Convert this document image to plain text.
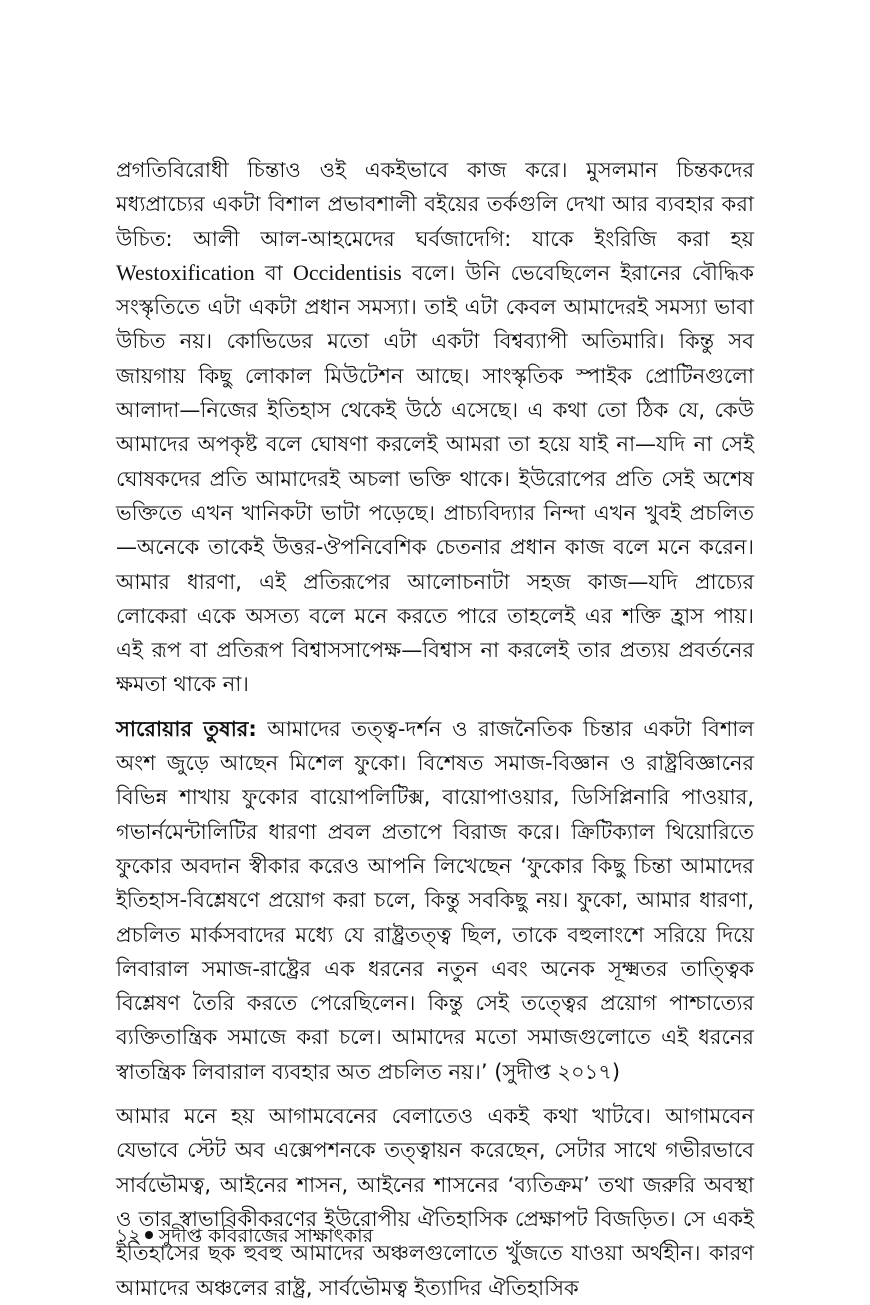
প্রগতিবিরোধী চিন্তাও ওই একইভাবে কাজ করে। মুসলমান চিন্তকদের মধ্যপ্রাচ্যের একটা বিশাল প্রভাবশালী বইয়ের তর্কগুলি দেখা আর ব্যবহার করা উচিত: আলী আল-আহমেদের ঘর্বজাদেগি: যাকে ইংরিজি করা হয় Westoxification বা Occidentisis বলে। উনি ভেবেছিলেন ইরানের বৌদ্ধিক সংস্কৃতিতে এটা একটা প্রধান সমস্যা। তাই এটা কেবল আমাদেরই সমস্যা ভাবা উচিত নয়। কোভিডের মতো এটা একটা বিশ্বব্যাপী অতিমারি। কিন্তু সব জায়গায় কিছু লোকাল মিউটেশন আছে। সাংস্কৃতিক স্পাইক প্রোটিনগুলো আলাদা—নিজের ইতিহাস থেকেই উঠে এসেছে। এ কথা তো ঠিক যে, কেউ আমাদের অপকৃষ্ট বলে ঘোষণা করলেই আমরা তা হয়ে যাই না—যদি না সেই ঘোষকদের প্রতি আমাদেরই অচলা ভক্তি থাকে। ইউরোপের প্রতি সেই অশেষ ভক্তিতে এখন খানিকটা ভাটা পড়েছে। প্রাচ্যবিদ্যার নিন্দা এখন খুবই প্রচলিত—অনেকে তাকেই উত্তর-ঔপনিবেশিক চেতনার প্রধান কাজ বলে মনে করেন। আমার ধারণা, এই প্রতিরূপের আলোচনাটা সহজ কাজ—যদি প্রাচ্যের লোকেরা একে অসত্য বলে মনে করতে পারে তাহলেই এর শক্তি হ্রাস পায়। এই রূপ বা প্রতিরূপ বিশ্বাসসাপেক্ষ—বিশ্বাস না করলেই তার প্রত্যয় প্রবর্তনের ক্ষমতা থাকে না।

সারোয়ার তুষার: আমাদের তত্ত্ব-দর্শন ও রাজনৈতিক চিন্তার একটা বিশাল অংশ জুড়ে আছেন মিশেল ফুকো। বিশেষত সমাজ-বিজ্ঞান ও রাষ্ট্রবিজ্ঞানের বিভিন্ন শাখায় ফুকোর বায়োপলিটিক্স, বায়োপাওয়ার, ডিসিপ্লিনারি পাওয়ার, গভার্নমেন্টালিটির ধারণা প্রবল প্রতাপে বিরাজ করে। ক্রিটিক্যাল থিয়োরিতে ফুকোর অবদান স্বীকার করেও আপনি লিখেছেন ‘ফুকোর কিছু চিন্তা আমাদের ইতিহাস-বিশ্লেষণে প্রয়োগ করা চলে, কিন্তু সবকিছু নয়। ফুকো, আমার ধারণা, প্রচলিত মার্কসবাদের মধ্যে যে রাষ্ট্রতত্ত্ব ছিল, তাকে বহুলাংশে সরিয়ে দিয়ে লিবারাল সমাজ-রাষ্ট্রের এক ধরনের নতুন এবং অনেক সূক্ষ্মতর তাত্ত্বিক বিশ্লেষণ তৈরি করতে পেরেছিলেন। কিন্তু সেই তত্ত্বের প্রয়োগ পাশ্চাত্যের ব্যক্তিতান্ত্রিক সমাজে করা চলে। আমাদের মতো সমাজগুলোতে এই ধরনের স্বাতন্ত্রিক লিবারাল ব্যবহার অত প্রচলিত নয়।’ (সুদীপ্ত ২০১৭)

আমার মনে হয় আগামবেনের বেলাতেও একই কথা খাটবে। আগামবেন যেভাবে স্টেট অব এক্সেপশনকে তত্ত্বায়ন করেছেন, সেটার সাথে গভীরভাবে সার্বভৌমত্ব, আইনের শাসন, আইনের শাসনের ‘ব্যতিক্রম’ তথা জরুরি অবস্থা ও তার স্বাভাবিকীকরণের ইউরোপীয় ঐতিহাসিক প্রেক্ষাপট বিজড়িত। সে একই ইতিহাসের ছক হুবহু আমাদের অঞ্চলগুলোতে খুঁজতে যাওয়া অর্থহীন। কারণ আমাদের অঞ্চলের রাষ্ট্র, সার্বভৌমত্ব ইত্যাদির ঐতিহাসিক

১২ সুদীপ্ত কবিরাজের সাক্ষাৎকার
